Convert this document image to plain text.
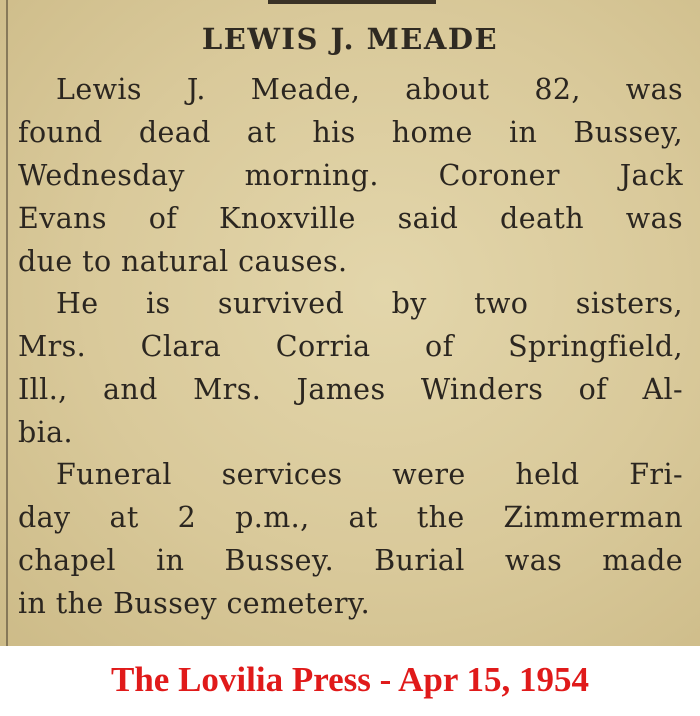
LEWIS J. MEADE
Lewis J. Meade, about 82, was
found dead at his home in Bussey,
Wednesday morning. Coroner Jack
Evans of Knoxville said death was
due to natural causes.
He is survived by two sisters,
Mrs. Clara Corria of Springfield,
Ill., and Mrs. James Winders of Al-
bia.
Funeral services were held Fri-
day at 2 p.m., at the Zimmerman
chapel in Bussey. Burial was made
in the Bussey cemetery.
The Lovilia Press - Apr 15, 1954
